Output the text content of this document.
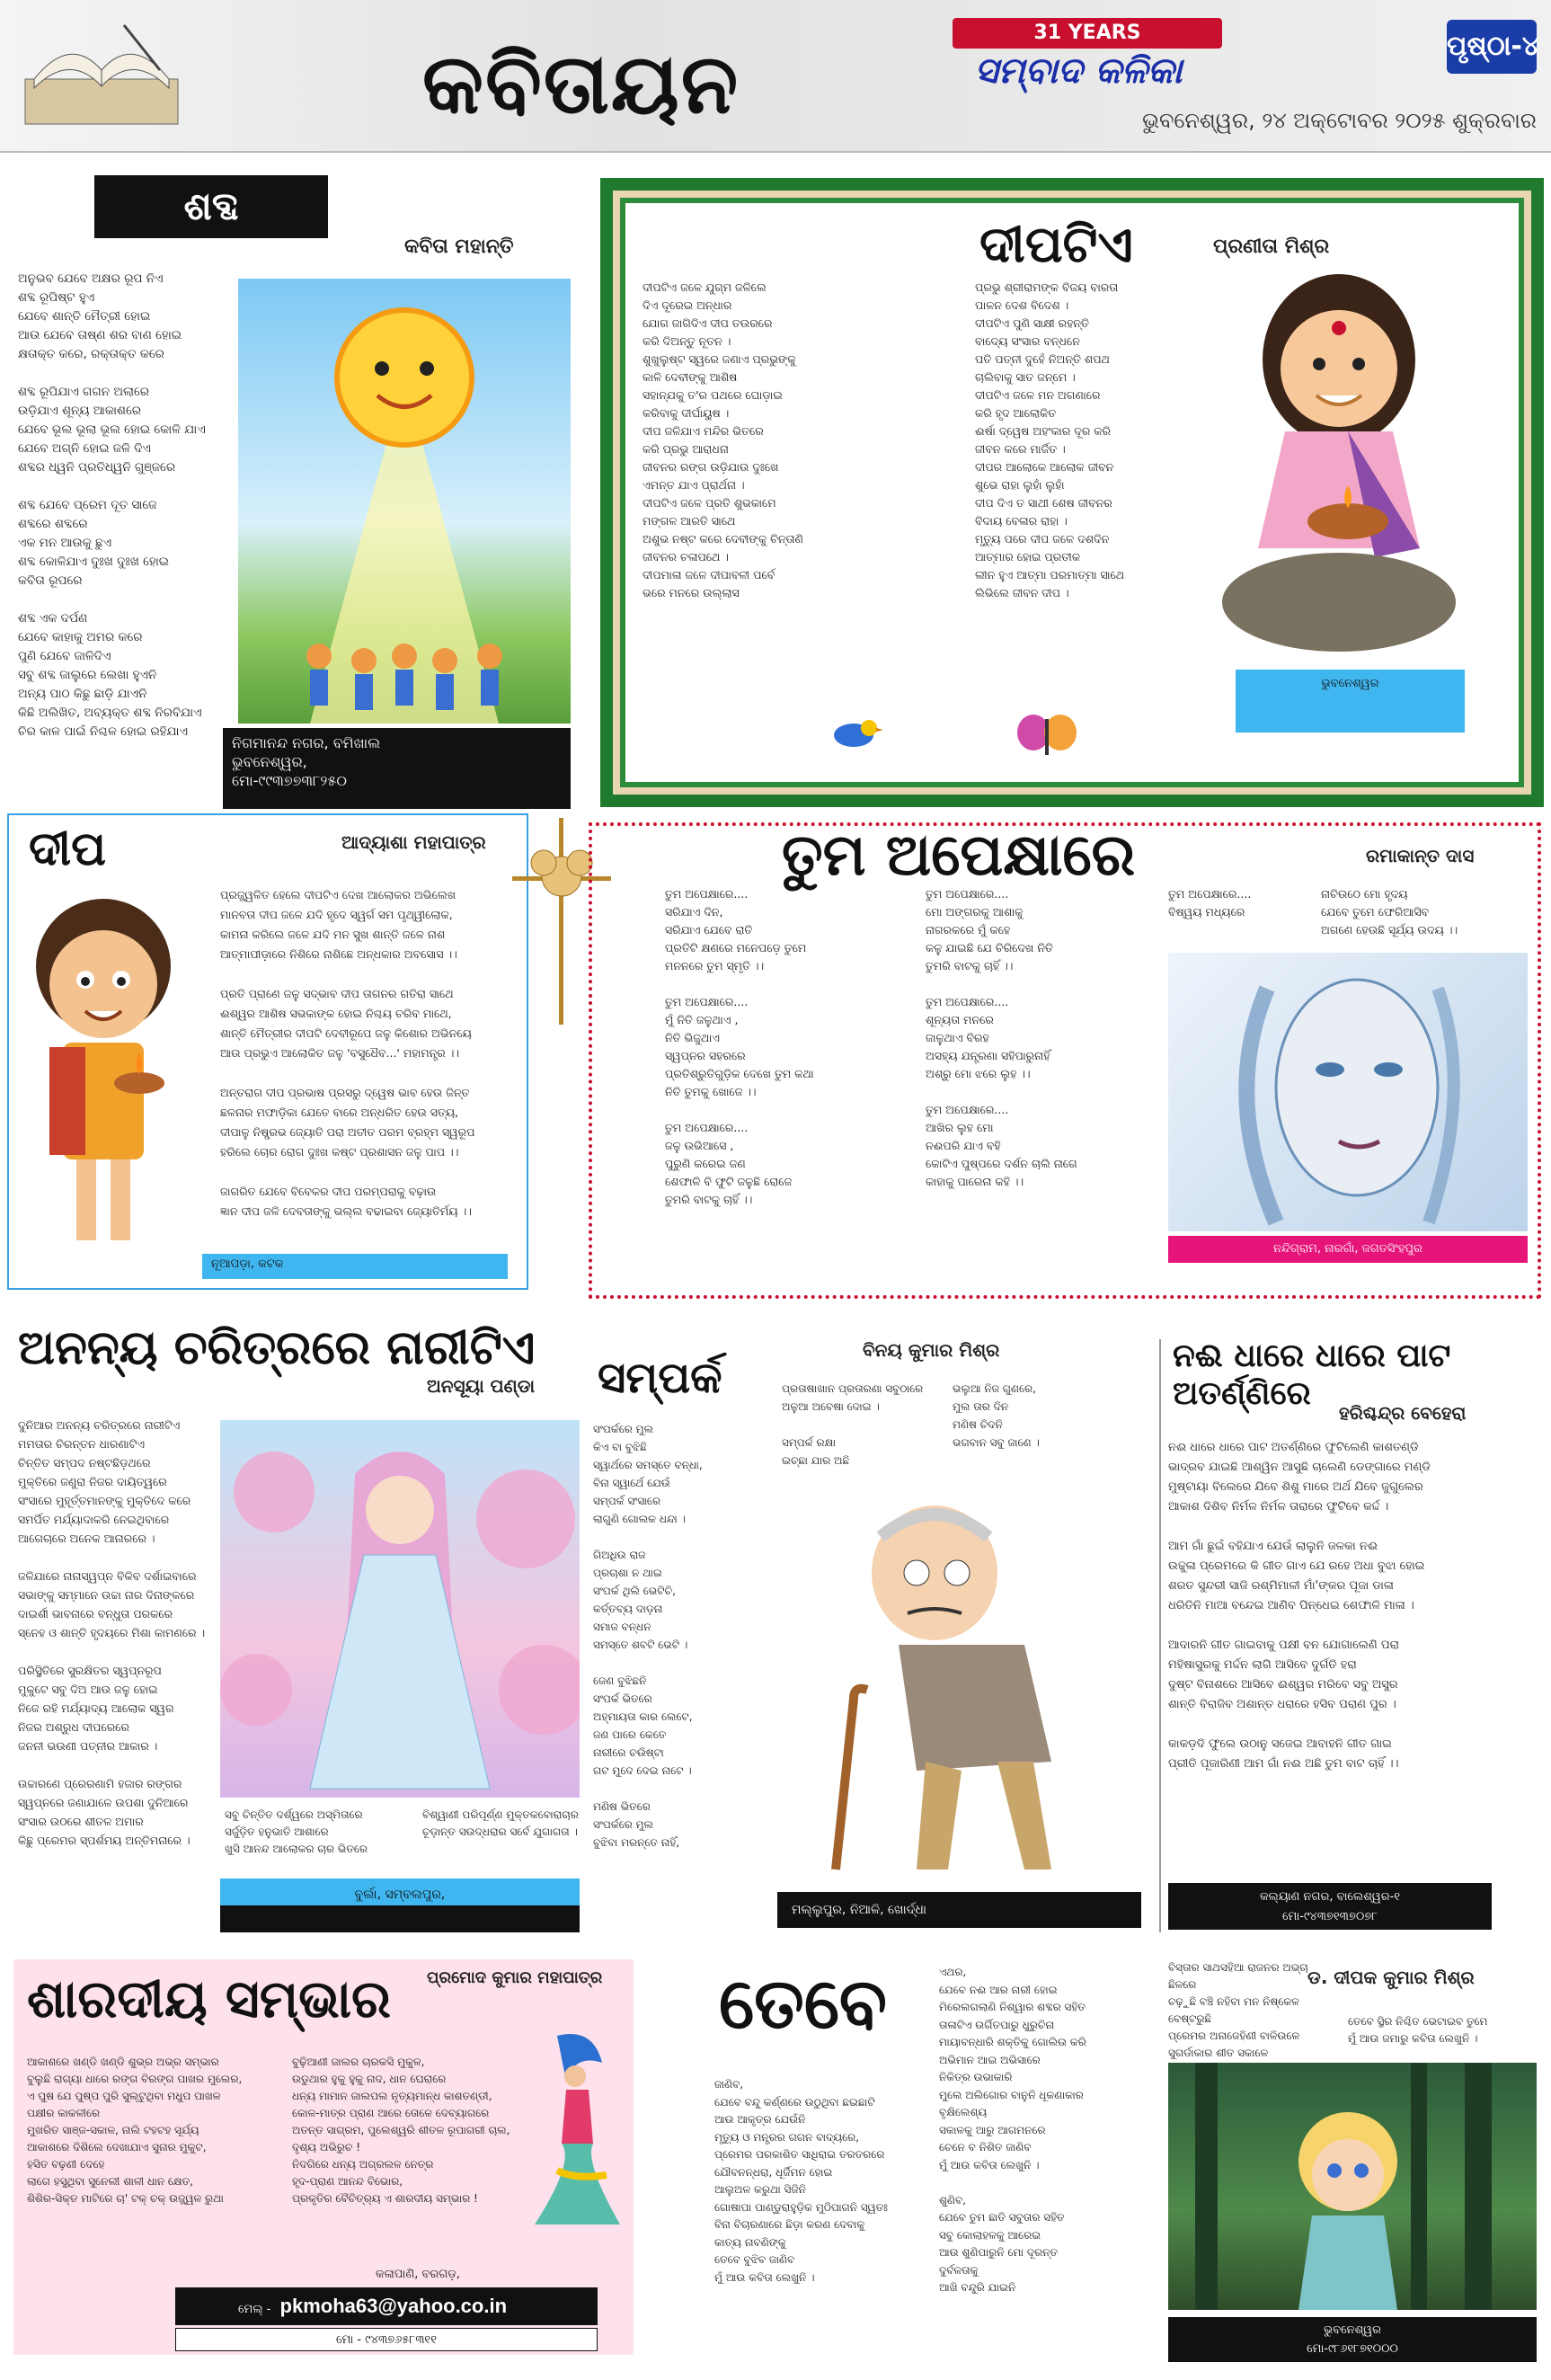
କବିତାୟନ
31 YEARS
ସମ୍ବାଦ କଳିକା
ପୃଷ୍ଠା-୪
ଭୁବନେଶ୍ୱର, ୨୪ ଅକ୍ଟୋବର ୨୦୨୫ ଶୁକ୍ରବାର
ଶବ୍ଦ
କବିତା ମହାନ୍ତି
ଅନୁଭବ ଯେବେ ଅକ୍ଷର ରୂପ ନିଏ
ଶବ୍ଦ ରୂପିଷ୍ଟ ହୁଏ
ଯେବେ ଶାନ୍ତି ମୈତ୍ରୀ ହୋଇ
ଆଉ ଯେବେ ତାଷ୍ଣ ଶର ବାଣ ହୋଇ
କ୍ଷତାକ୍ତ କରେ, ରକ୍ତାକ୍ତ କରେ

ଶବ୍ଦ ରୂପିଯାଏ ଗଗନ ଅଲାରେ
ଉଡ଼ିଯାଏ ଶୂନ୍ୟ ଆକାଶରେ
ଯେବେ ଭୂଲ ଭୂଲା ଭୂଲ ହୋଇ କୋଳି ଯାଏ
ଯେବେ ଅଗ୍ନି ହୋଇ ଜଳି ଦିଏ
ଶବ୍ଦର ଧ୍ୱନି ପ୍ରତିଧ୍ୱନି ଗୁଞ୍ଜରେ

ଶବ୍ଦ ଯେବେ ପ୍ରେମ ଦୂତ ସାଜେ
ଶବ୍ଦରେ ଶବ୍ଦରେ
ଏକ ମନ ଆଉକୁ ଛୁଏ
ଶବ୍ଦ କୋଳିଯାଏ ଦୁଃଖ ଦୁଃଖ ହୋଇ
କବିତା ରୂପରେ

ଶବ୍ଦ ଏକ ଦର୍ପଣ
ଯେବେ କାହାକୁ ଅମର କରେ
ପୁଣି ଯେବେ ଜାଳିଦିଏ
ସବୁ ଶବ୍ଦ ଜାଲୁରେ ଲେଖା ହୁଏନି
ଅନ୍ୟ ପାଠ କିଛୁ ଛାଡ଼ି ଯାଏନି
କିଛି ଅଲିଖିତ, ଅବ୍ୟକ୍ତ ଶବ୍ଦ ନିରବିଯାଏ
ଚିର କାଳ ପାଇଁ ନିଶ୍ଚଳ ହୋଇ ରହିଯାଏ
ନିଗମାନନ୍ଦ ନଗର, ବମିଖାଲ
ଭୁବନେଶ୍ୱର,
ମୋ-୯୯୩୭୭୩୮୨୫୦
ଦୀପଟିଏ	ପ୍ରଣୀତା ମିଶ୍ର
ଦୀପଟିଏ ଜଳେ ଯୁଗ୍ମ ଜଳିଲେ
ଦିଏ ଦୂରେଇ ଅନ୍ଧାର
ଯୋଗ ଜାଗିଦିଏ ଦୀପ ତଉରରେ
କରି ଦିଅନ୍ତୁ ନୂତନ ।
ଶୁଖୁଲୁଷ୍ଟ ସ୍ୱରେ ଜଣାଏ ପ୍ରଭୁଙ୍କୁ
କାଳି ଦେବୀଙ୍କୁ ଆଶିଷ
ସହାନ୍ଯକୁ ତ'ର ପଥରେ ଘୋଡ଼ାଇ
କରିବାକୁ ଦୀର୍ଘାୟୁଷ ।
ଦୀପ ଜଳିଯାଏ ମନ୍ଦିର ଭିତରେ
କରି ପ୍ରଭୁ ଆରାଧନା
ଜୀବନର ରଙ୍ଗ ଉଡ଼ିଯାଉ ଦୁଃଖେ
ଏମନ୍ତ ଯାଏ ପ୍ରାର୍ଥନା ।
ଦୀପଟିଏ ଜଳେ ପ୍ରତି ଶୁଭକାମେ
ମଙ୍ଗଳ ଆରତି ସାଥେ
ଅଶୁଭ ନଷ୍ଟ କରେ ଦେବୀଙ୍କୁ ଚିନ୍ତାଣି
ଜୀବନର ଚଳାପଥେ ।
ଦୀପମାଳା ଜଳେ ଦୀପାବଳୀ ପର୍ବେ
ଭରେ ମନରେ ଉଲ୍ଲାସ
ପ୍ରଭୁ ଶ୍ରୀରାମଙ୍କ ବିଜୟ ବାରତା
ପାଳନ ଦେଶ ବିଦେଶ ।
ଦୀପଟିଏ ପୁଣି ସାକ୍ଷୀ ରହନ୍ତି
ବାଦ୍ୟେ ସଂସାର ବନ୍ଧନେ
ପତି ପତ୍ନୀ ଦୁହେଁ ନିଅନ୍ତି ଶପଥ
ଚାଲିବାକୁ ସାତ ଜନ୍ମେ ।
ଦୀପଟିଏ ଜଳେ ମନ ଅଗଣାରେ
କରି ହୃଦ ଆଲୋକିତ
ଈର୍ଷା ଦ୍ୱେଷ ଅହଂକାର ଦୂର କରି
ଜୀବନ କରେ ମାର୍ଜିତ ।
ଦୀପର ଆଲୋକେ ଆଲୋକ ଜୀବନ
ଶୁଭେ ରାହା ଲୁହାଁ ଲୁହାଁ
ଦୀପ ଦିଏ ତ ସାଥୀ ଶେଷ ଜୀବନର
ବିଦାୟ ବେଳାର ରାହା ।
ମୃତ୍ୟୁ ପରେ ଦୀପ ଜଳେ ଦଶଦିନ
ଆତ୍ମାର ହୋଇ ପ୍ରତୀକ
ଲୀନ ହୁଏ ଆତ୍ମା ପରମାତ୍ମା ସାଥେ
ଲିଭିଲେ ଜୀବନ ଦୀପ ।
ଭୁବନେଶ୍ୱର
ଦୀପ	ଆଦ୍ୟାଶା ମହାପାତ୍ର
ପ୍ରଜ୍ଜ୍ୱଳିତ ହେଲେ ଦୀପଟିଏ ଦେଖ ଆଲୋକର ଅଭିଲେଖ
ମାନବତା ଦୀପ ଜଳେ ଯଦି ହୃଦେ ସ୍ୱର୍ଗ ସମ ପୃଥ୍ୱୀଲୋକ,
କାମନା କରିଲେ ଜଳେ ଯଦି ମନ ସୁଖ ଶାନ୍ତି ଜଳେ ନାଶ
ଆତ୍ମାପୀଡ଼ାରେ ନିଶିରେ ନାଶିଛେ ଅନ୍ଧକାର ଅବସୋସ ।।

ପ୍ରତି ପ୍ରାଣେ ଜଳୁ ସଦ୍ଭାବ ଦୀପ ତାଗନର ଗତିରା ସାଥେ
ଈଶ୍ୱର ଆଶିଷ ସଭକାଙ୍କ ହୋଇ ନିଶ୍ଚୟ ଚରିବ ମାଥେ,
ଶାନ୍ତି ମୈତ୍ରୀର ଦୀପଟି ଦେବୀରୂପେ ଜଳୁ କିଶୋର ଅଭିନୟେ
ଆଉ ପ୍ରଭୁଏ ଆଲୋକିତ ଜଳୁ 'ବସୁଧୈବ...' ମହାମନ୍ତ୍ର ।।

ଅନ୍ତରାଗ ଦୀପ ପ୍ରଭାଷ ପ୍ରସରୁ ଦ୍ୱେଷ ଭାବ ହେଉ ଜିନ୍ତ
ଛଳନାର ମଫାଡ଼ିକା ଯେତେ ବାରେ ଅନ୍ଧରିତ ହେଉ ସତ୍ୟ,
ଦୀପାଳୁ ନିଷ୍ପ୍ରଭ ଜ୍ୟୋତି ପରା ଅତୀତ ପରମ ବ୍ରହ୍ମ ସ୍ୱରୂପ
ହରିଲେ ଚୋର ରୋଗ ଦୁଃଖ କଷ୍ଟ ପ୍ରଶାସନ ଜଳୁ ପାପ ।।

ଜାଗରିତ ଯେବେ ବିବେକର ଦୀପ ପରମ୍ପରାକୁ ବଢ଼ାଉ
ଜ୍ଞାନ ଦୀପ ଜଳି ଦେବତାଙ୍କୁ ଭଲ୍ଲ ବଢାଇବା ଜ୍ୟୋତିର୍ମୟ ।।
ନୂଆପଡ଼ା, କଟକ
ତୁମ ଅପେକ୍ଷାରେ	ରମାକାନ୍ତ ଦାସ
ତୁମ ଅପେକ୍ଷାରେ....
ସରିଯାଏ ଦିନ,
ସରିଯାଏ ଯେବେ ରାତି
ପ୍ରତିଟି କ୍ଷଣରେ ମନେପଡ଼େ ତୁମେ
ମନନରେ ତୁମ ସ୍ମୃତି ।।

ତୁମ ଅପେକ୍ଷାରେ....
ମୁଁ ନିତି ଜଳୁଥାଏ ,
ନିତି ଭିଜୁଥାଏ
ସ୍ୱପ୍ନର ସହରରେ
ପ୍ରତିଶ୍ରୁତିଗୁଡ଼ିକ ଦେଖେ ତୁମ କଥା
ନିତି ତୁମକୁ ଖୋଜେ ।।

ତୁମ ଅପେକ୍ଷାରେ....
ଜଳୁ ଉଭିଆସେ ,
ପୁରୁଣି କରେଇ ଜଣ
ଶେଫାଳି ବି ଫୁଟି ଜଳୁଛି ରୋଜେ
ତୁମରି ବାଟକୁ ଚାହିଁ ।।
ତୁମ ଅପେକ୍ଷାରେ....
ମୋ ଅଙ୍ଗରକୁ ଆଶାକୁ
ନାଗରକରେ ମୁଁ କହେ
କଳୁ ଯାଇଛି ଯେ ଚିରିଦେଖ ନିତି
ତୁମରି ବାଟକୁ ଚାହିଁ ।।

ତୁମ ଅପେକ୍ଷାରେ....
ଶୂନ୍ୟତା ମନରେ
ଜାଳୁଥାଏ ବିରହ
ଅସହ୍ୟ ଯନ୍ତ୍ରଣା ସହିପାରୁନାହିଁ
ଅଶ୍ରୁ ମୋ ଝରେ ଲୁହ ।।

ତୁମ ଅପେକ୍ଷାରେ....
ଆଖିର ଲୁହ ମୋ
ନଈପରି ଯାଏ ବହି
କୋଟିଏ ପୁଷ୍ପରେ ଦର୍ଶନ ଚାଲି ନାଗେ
କାହାକୁ ପାରେନା କହି ।।
ତୁମ ଅପେକ୍ଷାରେ....
ବିଷ୍ୱୟ ମଧ୍ୟରେ
ନାଚିଉଠେ ମୋ ହୃଦୟ
ଯେବେ ତୁମେ ଫେରିଆସିବ
ଅଗଣେ ହେଉଛି ସୂର୍ଯ୍ୟ ଉଦୟ ।।
ନନ୍ଦିଗ୍ରାମ, ନାରଗାଁ, ଜଗତସିଂହପୁର
ମୋ-୯୭୮୮୫୩୭୬୭୯
ଅନନ୍ୟ ଚରିତ୍ରରେ ନାରୀଟିଏ
ଅନସୂୟା ପଣ୍ଡା
ଦୁନିଆର ଅନନ୍ୟ ଚରିତ୍ରରେ ନାରୀଟିଏ
ମମତାର ଚିରନ୍ତନ ଧାରଣାଟିଏ
ଚିନ୍ତିତ ସମ୍ପଦ ନଷ୍ଟଛିଡ଼ଥରେ
ମୁକ୍ତିରେ ଜଣୁରା ନିଜର ଦାୟିତ୍ୱରେ
ସଂସାରେ ମୁହୂର୍ତ୍ତମାନଙ୍କୁ ମୁକ୍ତିଦେ କରେ
ସମର୍ପିତ ମର୍ଯ୍ୟାଦାକରି ନେଇଥିବାରେ
ଆଗେଚାରେ ଅନେକ ଆନାରରେ ।

ଜଳିଯାରେ ନାନାସ୍ୱପ୍ନ ବିକିବ ଦର୍ଶାଇବାରେ
ସଭାଙ୍କୁ ସମ୍ମାନେ ଉଚ୍ଚା ନାର ଦିନାଙ୍କରେ
ଦାଇର୍ଶୀ ଭାବନାରେ ବନ୍ଧୁତା ପରକରେ
ସ୍ନେହ ଓ ଶାନ୍ତି ହୃଦୟରେ ମିଶା କାମଣରେ ।

ପରିସ୍ଥିତିରେ ସୁରକ୍ଷିତର ସ୍ୱପ୍ନରୂପ
ମୁକୁଟେ ସବୁ ଦିଅ ଆଉ ଜଳୁ ହୋଇ
ନିଜେ ରହି ମର୍ଯ୍ୟାଦ୍ୟ ଆଲୋକ ସ୍ୱର
ନିଜର ଅଶ୍ରୁଧ ଦୀପରେରେ
ଜନନୀ ଭଉଣୀ ପତ୍ନୀର ଆକାର ।

ଉଚ୍ଚାରଣେ ପ୍ରେରଣାମି ହଜାର ରଙ୍ଗର
ସ୍ୱପ୍ନରେ ଜଣାଯାଳେ ଉପଶା ଦୁନିଆରେ
ସଂସାର ଉଠରେ ଶୀତଳ ଅମାର
କିଛୁ ପ୍ରେମର ସ୍ପର୍ଶମୟ ଅନ୍ତିମନାରେ ।
ସବୁ ଚିନ୍ତିତ ଦର୍ଶ୍ୱରେ ଅସ୍ମିତାରେ
ସର୍ଜୁଡ଼ିତ ହନୁଭାତି ଆଶାରେ
ଖୁସି ଆନନ୍ଦ ଆଲୋକର ଚାର ଭିତରେ
ବିଶ୍ୱାଣୀ ପରିପୂର୍ଣ୍ଣ ମୁକ୍ତକବୋରାଚାର
ଚୂଡ଼ାନ୍ତ ସଉଦ୍ଧରାର ସର୍ବେ ଯୁଗାଗତା ।
ବୁର୍ଲା, ସମ୍ବଲପୁର,
ମୋ-୯୪୩୯୭୨୧୯୭୧
ସମ୍ପର୍କ
ବିନୟ କୁମାର ମିଶ୍ର
ସଂପର୍କରେ ମୁଲ
କିଏ ବା ବୁଝିଛି
ସ୍ୱାର୍ଥରେ ସମସ୍ତେ ବନ୍ଧା,
ବିନା ସ୍ୱାର୍ଥେ ଯେଉଁ
ସମ୍ପର୍କ ସଂସାରେ
ଲାଗୁଣି ଗୋଲକ ଧନ୍ଦା ।

ଗିଅଧିଉ ରାଜ
ପ୍ରଚାଶା ନ ଥାଇ
ସଂପର୍କ ଥିଲି ଭେଟିଚି,
କର୍ତ୍ତବ୍ୟ ଦାଡ଼ନା
ସମାଜ ବନ୍ଧନ
ସମସ୍ତେ ଶବଟି ଭେଟି ।

ଜେଣ ବୁଝିଛନି
ସଂପର୍କ ଭିତରେ
ଅହ୍ମାୟତା କାର ଲେଟେ,
ଜଣ ପାରେ କେତେ
ନାରୀରେ ଚଉିଷ୍ଟା
ଗଟ ମୁଦେ ଦେଇ ନାଟେ ।

ମଣିଷ ଭିତରେ
ସଂପର୍କରେ ମୁଲ
ବୁଝିବା ମରନ୍ତେ ନାହିଁ,
ପ୍ରତାଷାଖାନ ପ୍ରତାରଣା ସବୁଠାରେ
ଅଳୁଆ ଅବେଷା ଦୋଇ ।

ସମ୍ପର୍କ ରକ୍ଷା
ଇଚ୍ଛା ଯାର ଅଛି
ଭଲୁଆ ନିଜ ଗୁଣରେ,
ମୁଲ ତାର ଦିନ
ମଣିଷ ଚିଦନି
ଭଗବାନ ସବୁ ଜାଣେ ।
ମଲ୍ଲୁପୁର, ନିଆଳି, ଖୋର୍ଦ୍ଧା
ନଈ ଧାରେ ଧାରେ ପାଟ ଅତର୍ଣ୍ଣିରେ
ହରିଶ୍ଚନ୍ଦ୍ର ବେହେରା
ନଈ ଧାରେ ଧାରେ ପାଟ ଅତର୍ଣ୍ଣିରେ ଫୁଟିଲେଣି କାଶତଣ୍ଡି
ଭାଦ୍ରବ ଯାଇଛି ଆଶ୍ୱିନ ଆସୁଛି ଚାଲେଣି ଡେଙ୍ଗାରେ ମଣ୍ଡି
ମୁଷ୍ଟାୟା ବିଲେରେ ଯିବେ ଶିଶୁ ମାରେ ଅର୍ଥ ଯିବେ ଜୁଗୁଲେର
ଆକାଶ ଦିଶିବ ନିର୍ମଳ ନିର୍ମଳ ତାରାରେ ଫୁଟିବେ କର୍ଦ୍ଦ ।

ଆମ ଗାଁ ଛୁଇଁ ବହିଯାଏ ଯେଉଁ ଲାଲୁନି ଜଳକା ନଈ
ଉଚ୍ଚୁଳା ପ୍ରେମରେ କି ଗୀତ ଗାଏ ଯେ ରହେ ଅଧା ବୁଝା ହୋଇ
ଶରତ ସୁନ୍ଦରୀ ସାଜି ରଶ୍ମିମାଳୀ ମାଁ'ଙ୍କର ପୂଜା ଡାଳା
ଧରିତିନି ମାଆ ବନ୍ଦେଇ ଆଣିବ ପିନ୍ଧେଇ ଶେଫାଳି ମାଳା ।

ଆଦାରନି ଗୀତ ଗାଇବାକୁ ପକ୍ଷୀ ବନ ଯୋଗାଲେଣି ପରା
ମହିଷାସୁରକୁ ମର୍ଦ୍ଦନ ଲାଗି ଆସିବେ ଦୁର୍ଗତି ହରା
ଦୁଷ୍ଟ ବିନାଶରେ ଆସିବେ ଈଶ୍ୱର ମରିବେ ସବୁ ଅସୁର
ଶାନ୍ତି ବିରାଜିବ ଅଶାନ୍ତ ଧରାରେ ହସିବ ପରାଣ ପୁର ।

କାକଡ଼ଦି ଫୁଲେ ଉଠାନୁ ସଜେଇ ଆବାହନି ଗୀତ ଗାଇ
ପ୍ରୀତି ପୂଜାରିଣୀ ଆମ ଗାଁ ନଈ ଅଛି ତୁମ ବାଟ ଚାହିଁ ।।
କଲ୍ୟାଣ ନଗର, ବାଲେଶ୍ୱର-୧
ମୋ-୯୪୩୭୧୩୭୦୭୮
ଶାରଦୀୟ ସମ୍ଭାର ପ୍ରମୋଦ କୁମାର ମହାପାତ୍ର
ଆକାଶରେ ଖଣ୍ଡି ଖଣ୍ଡି ଶୁଭ୍ର ଅଭ୍ର ସମ୍ଭାର
ବୁଲୁଛି ରାଗ୍ୟା ଧାରେ ରଙ୍ଗ ବିରଙ୍ଗ ପାଖର ମୁଲେର,
ଏ ପୁଷ ଯେ ପୁଷ୍ପ ପୁରି ସୁଲ୍ଟୁଥିବା ମଧୁପ ପାଖଳ
ପକ୍ଷୀର କାକଳୀରେ
ମୁଖରିତ ସାଞ୍ଜ-ସକାଳ, ନାଲି ଟହଟହ ସୂର୍ଯ୍ୟ
ଆକାଶରେ ଦିଶିଲେ ଦେଖାଯାଏ ସୁନାର ମୁକୁଟ,
ହସିତ ବଢ଼ଣୀ ଦେହେ
ଲାଗେ ହସୁଥିବା ସୁନେଲୀ ଶାଳୀ ଧାନ କ୍ଷେତ,
ଶିଶିର-ସିକ୍ତ ମାଟିରେ ଚା' ଟକ୍ ଚକ୍ ଉଜ୍ଜ୍ୱଳ ରୁଥା
ବୁଢ଼ିଆଣୀ ଜାଲର ଚାରକସି ମୁକୁଳ,
ଉଡୁଥାର ହୁକୁ ହୁକୁ ନାଦ, ଧାନ ଘେରାରେ
ଧନ୍ୟ ମାମାନ ଜାଲପଲ ନୃତ୍ୟମାନ୍ଧ କାଶତଣ୍ଡୀ,
କୋଳ-ମାତ୍ର ପ୍ରାଣ ଆରେ ତୋଳେ ଦେବ୍ୟାଗରେ
ଅତନ୍ତ ସାଗ୍ରମ, ପୁଲେଶ୍ୱରି ଶୀତଳ ରୂପାଗରୀ ଚାଲ,
ଦୃଶ୍ୟ ଅଭିରୁଚ !
ନିଦଗିରେ ଧନ୍ୟ ଅଗ୍ରଲଳ ନେତ୍ର
ହୃଦ-ପ୍ରାଣ ଆନନ୍ଦ ବିଭୋର,
ପ୍ରକୃତିର ବୈଚିତ୍ର୍ୟ ଏ ଶାରଦୀୟ ସମ୍ଭାର !
କଳାପାଣି, ବରଗଡ଼,
ମେଲ୍ - pkmoha63@yahoo.co.in
ମୋ - ୯୪୩୭୬୫୮୩୧୧
ତେବେ	ଡ. ଦୀପକ କୁମାର ମିଶ୍ର
ଜାଣିବ,
ଯେବେ ବନ୍ଦୁ କର୍ଣ୍ଣରେ ଉଠୁଥିବା ଛଇଛାଟି
ଆଉ ଆକୃତ୍ର ଯେଉଁନି
ମୃତ୍ୟୁ ଓ ମନ୍ତ୍ରର ଗଗନ ବାଦ୍ୟରେ,
ପ୍ରେମର ପରକାଶିତ ସାଧିରାଇ ତରତରରେ
ଯୌବନନ୍ଧରା, ଧୂର୍ଜିମନ ହୋଇ
ଆଲୁଅଳ କରୁଥା ସିଜିନି
ଗୋଷାପା ପାଣ୍ଡୁରାହୁଡ଼ିକ ମୁଠିପାଗନି ସ୍ୱତଃ
ବିନା ବିଚାରଣାରେ ଛିଡ଼ା କରଣ ଦେବାକୁ
କାତ୍ୟ ନାବଣିଙ୍କୁ
ତେବେ ବୁଝିବ ଜାଣିବ
ମୁଁ ଆଉ କବିତା ଲେଖୁନି ।
ଏଥର,
ଯେବେ ନଈ ଆର ନାରୀ ହୋଇ
ମିରେଲଗଲାଣି ନିଶ୍ୱାର ଶବ୍ଦର ସହିତ
ତାଳାଟିଏ ଉର୍ଗିତପାରୁ ଧୁରୁଚିନା
ମାୟାବନ୍ଧାରି ଶକ୍ତିକୁ ଗୋଲିଉ କରି
ଅଭିମାନ ଆଇ ଅଭିସାରେ
ନିକିତ୍ର ଉଭାକାରି
ମୁଲେ ଅଲିଗୋର ବାନୁନି ଧୂକଣାକାର
ବୃକ୍ଷିଲେଶ୍ୟ
ସକାଳକୁ ଆରୁ ଆଗମନରେ
ଚେନେ ବ ନିଶିତ ଜାଣିବ
ମୁଁ ଆଉ କବିତା ଲେଖୁନି ।

ଶୁଣିବ,
ଯେବେ ତୁମ ଛାତି ସବୁତାର ସହିତ
ସବୁ କୋଲାହଳକୁ ଆରେଇ
ଆଉ ଶୁଣିପାରୁନି ମୋ ଦୂରନ୍ତ
ଦୁର୍ବଳତାକୁ
ଆଖି ବନ୍ଦୁରି ଯାଇନି
ବିସ୍ତାର ସାଥସହିଆ ରାଜନର ଅଭ୍ଚା
ଛିଳରେ
ଚଢ଼ୁଛି ବଞ୍ଚି ନହିବା ମନ ନିଷ୍କେଳ
ବେଷ୍ଟରୁଛି
ପ୍ରେମର ଅନାଜେହିଣୀ ବାଳିଉଳେ
ସୁଗର୍ଡାକାର ଶୀତ ସକାଳେ
ତେବେ ସ୍ଥିର ନିଶ୍ଚିତ ଭେଟାଇବ ତୁମେ
ମୁଁ ଆଉ ଜମାରୁ କବିତା ଲେଖୁନି ।
ଭୁବନେଶ୍ୱର
ମୋ-୯୮୬୧୮୭୧୦୦୦
